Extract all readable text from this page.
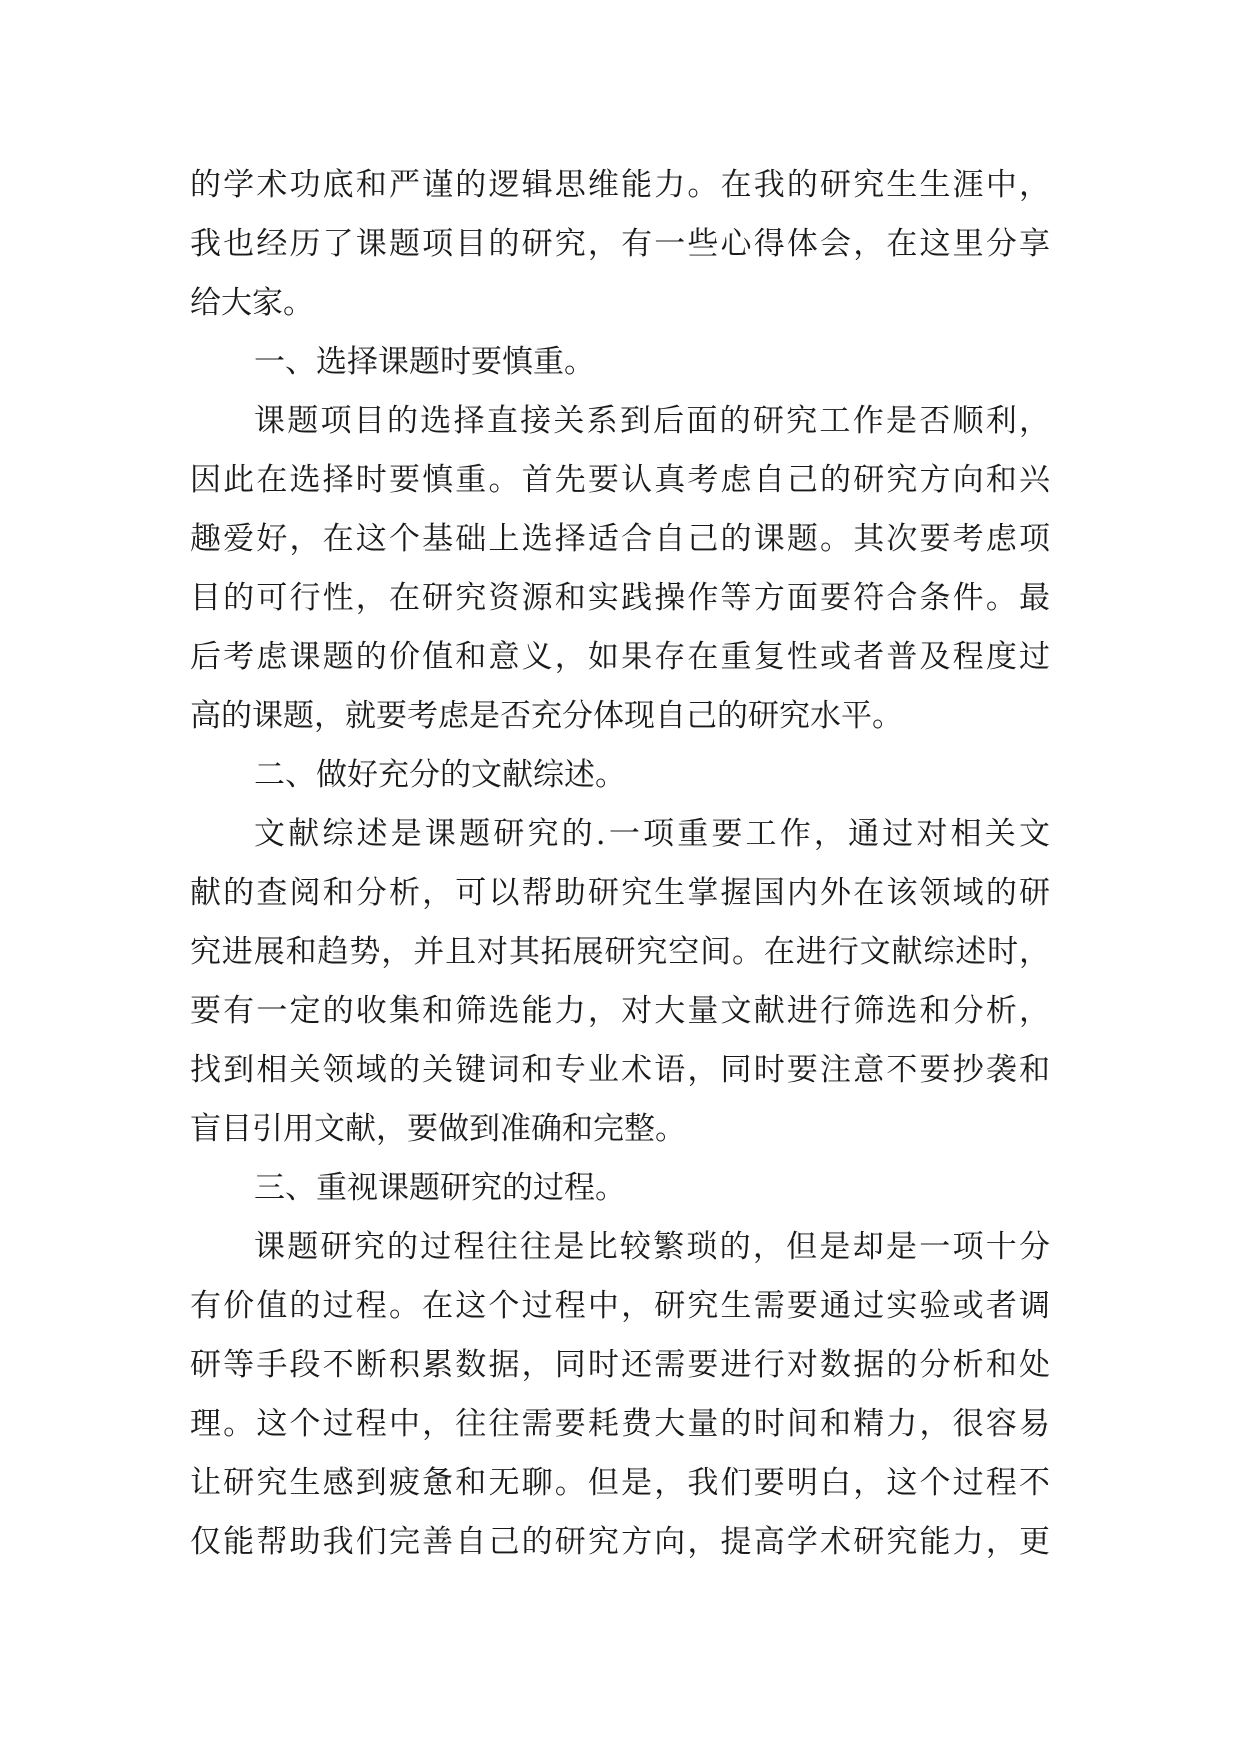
的学术功底和严谨的逻辑思维能力。在我的研究生生涯中，
我也经历了课题项目的研究，有一些心得体会，在这里分享
给大家。
一、选择课题时要慎重。
课题项目的选择直接关系到后面的研究工作是否顺利，
因此在选择时要慎重。首先要认真考虑自己的研究方向和兴
趣爱好，在这个基础上选择适合自己的课题。其次要考虑项
目的可行性，在研究资源和实践操作等方面要符合条件。最
后考虑课题的价值和意义，如果存在重复性或者普及程度过
高的课题，就要考虑是否充分体现自己的研究水平。
二、做好充分的文献综述。
文献综述是课题研究的.一项重要工作，通过对相关文
献的查阅和分析，可以帮助研究生掌握国内外在该领域的研
究进展和趋势，并且对其拓展研究空间。在进行文献综述时，
要有一定的收集和筛选能力，对大量文献进行筛选和分析，
找到相关领域的关键词和专业术语，同时要注意不要抄袭和
盲目引用文献，要做到准确和完整。
三、重视课题研究的过程。
课题研究的过程往往是比较繁琐的，但是却是一项十分
有价值的过程。在这个过程中，研究生需要通过实验或者调
研等手段不断积累数据，同时还需要进行对数据的分析和处
理。这个过程中，往往需要耗费大量的时间和精力，很容易
让研究生感到疲惫和无聊。但是，我们要明白，这个过程不
仅能帮助我们完善自己的研究方向，提高学术研究能力，更
